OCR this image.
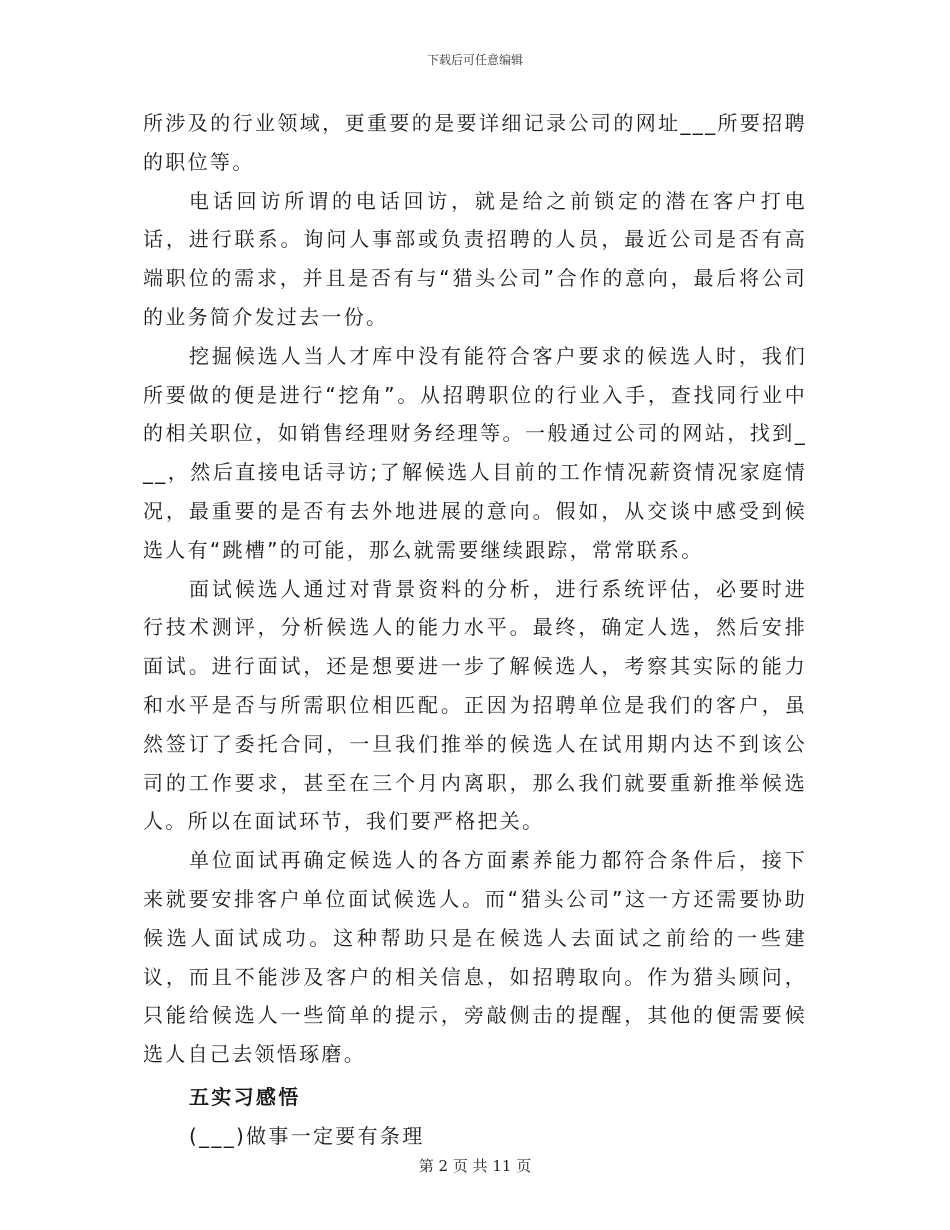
下载后可任意编辑

所涉及的行业领域，更重要的是要详细记录公司的网址___所要招聘的职位等。

电话回访所谓的电话回访，就是给之前锁定的潜在客户打电话，进行联系。询问人事部或负责招聘的人员，最近公司是否有高端职位的需求，并且是否有与“猎头公司”合作的意向，最后将公司的业务简介发过去一份。

挖掘候选人当人才库中没有能符合客户要求的候选人时，我们所要做的便是进行“挖角”。从招聘职位的行业入手，查找同行业中的相关职位，如销售经理财务经理等。一般通过公司的网站，找到___，然后直接电话寻访;了解候选人目前的工作情况薪资情况家庭情况，最重要的是否有去外地进展的意向。假如，从交谈中感受到候选人有“跳槽”的可能，那么就需要继续跟踪，常常联系。

面试候选人通过对背景资料的分析，进行系统评估，必要时进行技术测评，分析候选人的能力水平。最终，确定人选，然后安排面试。进行面试，还是想要进一步了解候选人，考察其实际的能力和水平是否与所需职位相匹配。正因为招聘单位是我们的客户，虽然签订了委托合同，一旦我们推举的候选人在试用期内达不到该公司的工作要求，甚至在三个月内离职，那么我们就要重新推举候选人。所以在面试环节，我们要严格把关。

单位面试再确定候选人的各方面素养能力都符合条件后，接下来就要安排客户单位面试候选人。而“猎头公司”这一方还需要协助候选人面试成功。这种帮助只是在候选人去面试之前给的一些建议，而且不能涉及客户的相关信息，如招聘取向。作为猎头顾问，只能给候选人一些简单的提示，旁敲侧击的提醒，其他的便需要候选人自己去领悟琢磨。

五实习感悟

(___)做事一定要有条理

第 2 页 共 11 页
